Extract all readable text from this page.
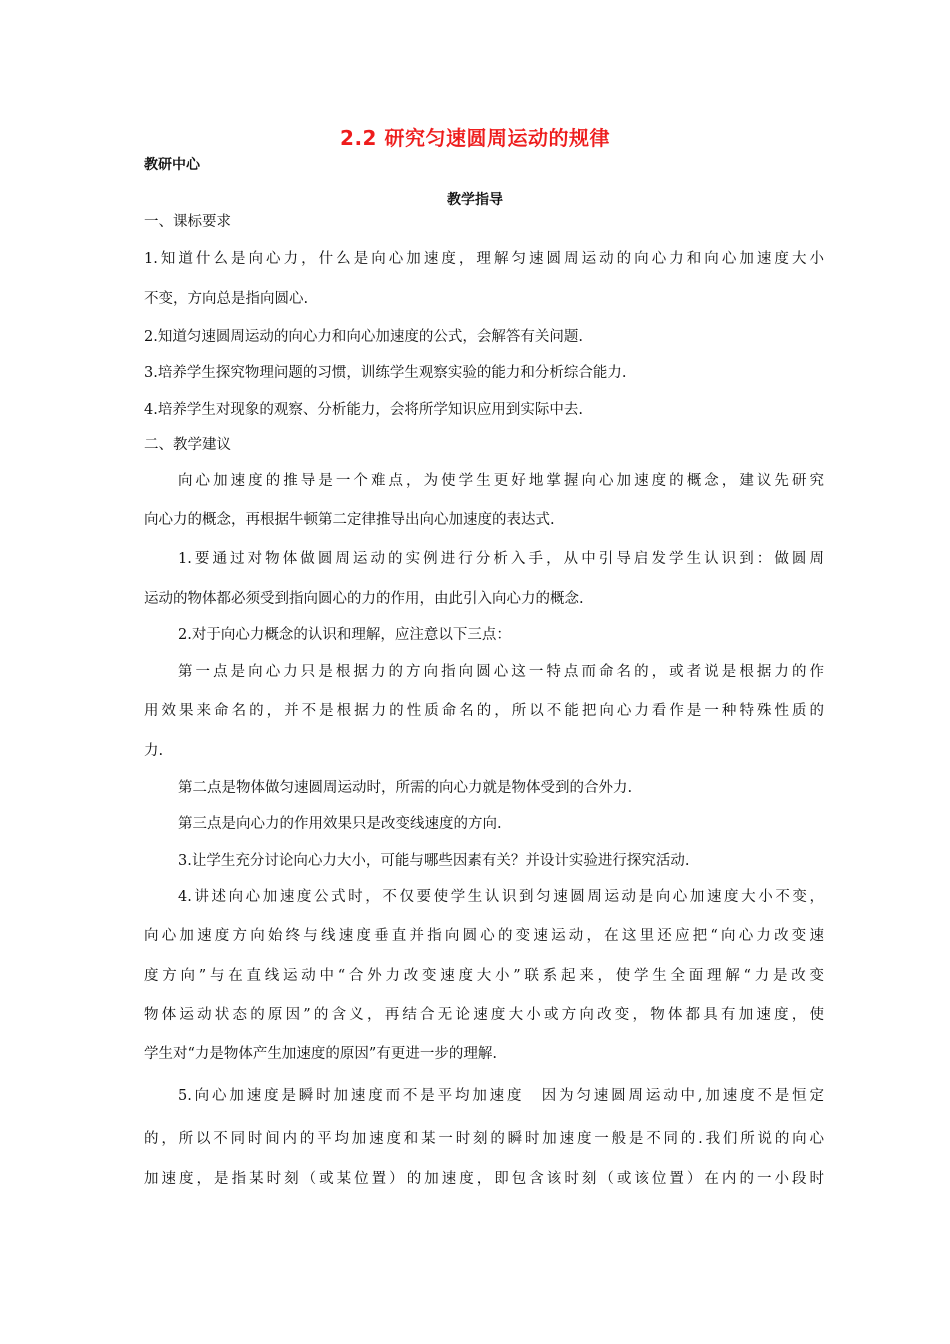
2.2 研究匀速圆周运动的规律
教研中心
教学指导
一、课标要求
1.知道什么是向心力，什么是向心加速度，理解匀速圆周运动的向心力和向心加速度大小
不变，方向总是指向圆心.
2.知道匀速圆周运动的向心力和向心加速度的公式，会解答有关问题.
3.培养学生探究物理问题的习惯，训练学生观察实验的能力和分析综合能力.
4.培养学生对现象的观察、分析能力，会将所学知识应用到实际中去.
二、教学建议
向心加速度的推导是一个难点，为使学生更好地掌握向心加速度的概念，建议先研究
向心力的概念，再根据牛顿第二定律推导出向心加速度的表达式.
1.要通过对物体做圆周运动的实例进行分析入手，从中引导启发学生认识到：做圆周
运动的物体都必须受到指向圆心的力的作用，由此引入向心力的概念.
2.对于向心力概念的认识和理解，应注意以下三点：
第一点是向心力只是根据力的方向指向圆心这一特点而命名的，或者说是根据力的作
用效果来命名的，并不是根据力的性质命名的，所以不能把向心力看作是一种特殊性质的
力.
第二点是物体做匀速圆周运动时，所需的向心力就是物体受到的合外力.
第三点是向心力的作用效果只是改变线速度的方向.
3.让学生充分讨论向心力大小，可能与哪些因素有关？并设计实验进行探究活动.
4.讲述向心加速度公式时，不仅要使学生认识到匀速圆周运动是向心加速度大小不变，
向心加速度方向始终与线速度垂直并指向圆心的变速运动，在这里还应把“向心力改变速
度方向”与在直线运动中“合外力改变速度大小”联系起来，使学生全面理解“力是改变
物体运动状态的原因”的含义，再结合无论速度大小或方向改变，物体都具有加速度，使
学生对“力是物体产生加速度的原因”有更进一步的理解.
5.向心加速度是瞬时加速度而不是平均加速度　因为匀速圆周运动中,加速度不是恒定
的，所以不同时间内的平均加速度和某一时刻的瞬时加速度一般是不同的.我们所说的向心
加速度，是指某时刻（或某位置）的加速度，即包含该时刻（或该位置）在内的一小段时
